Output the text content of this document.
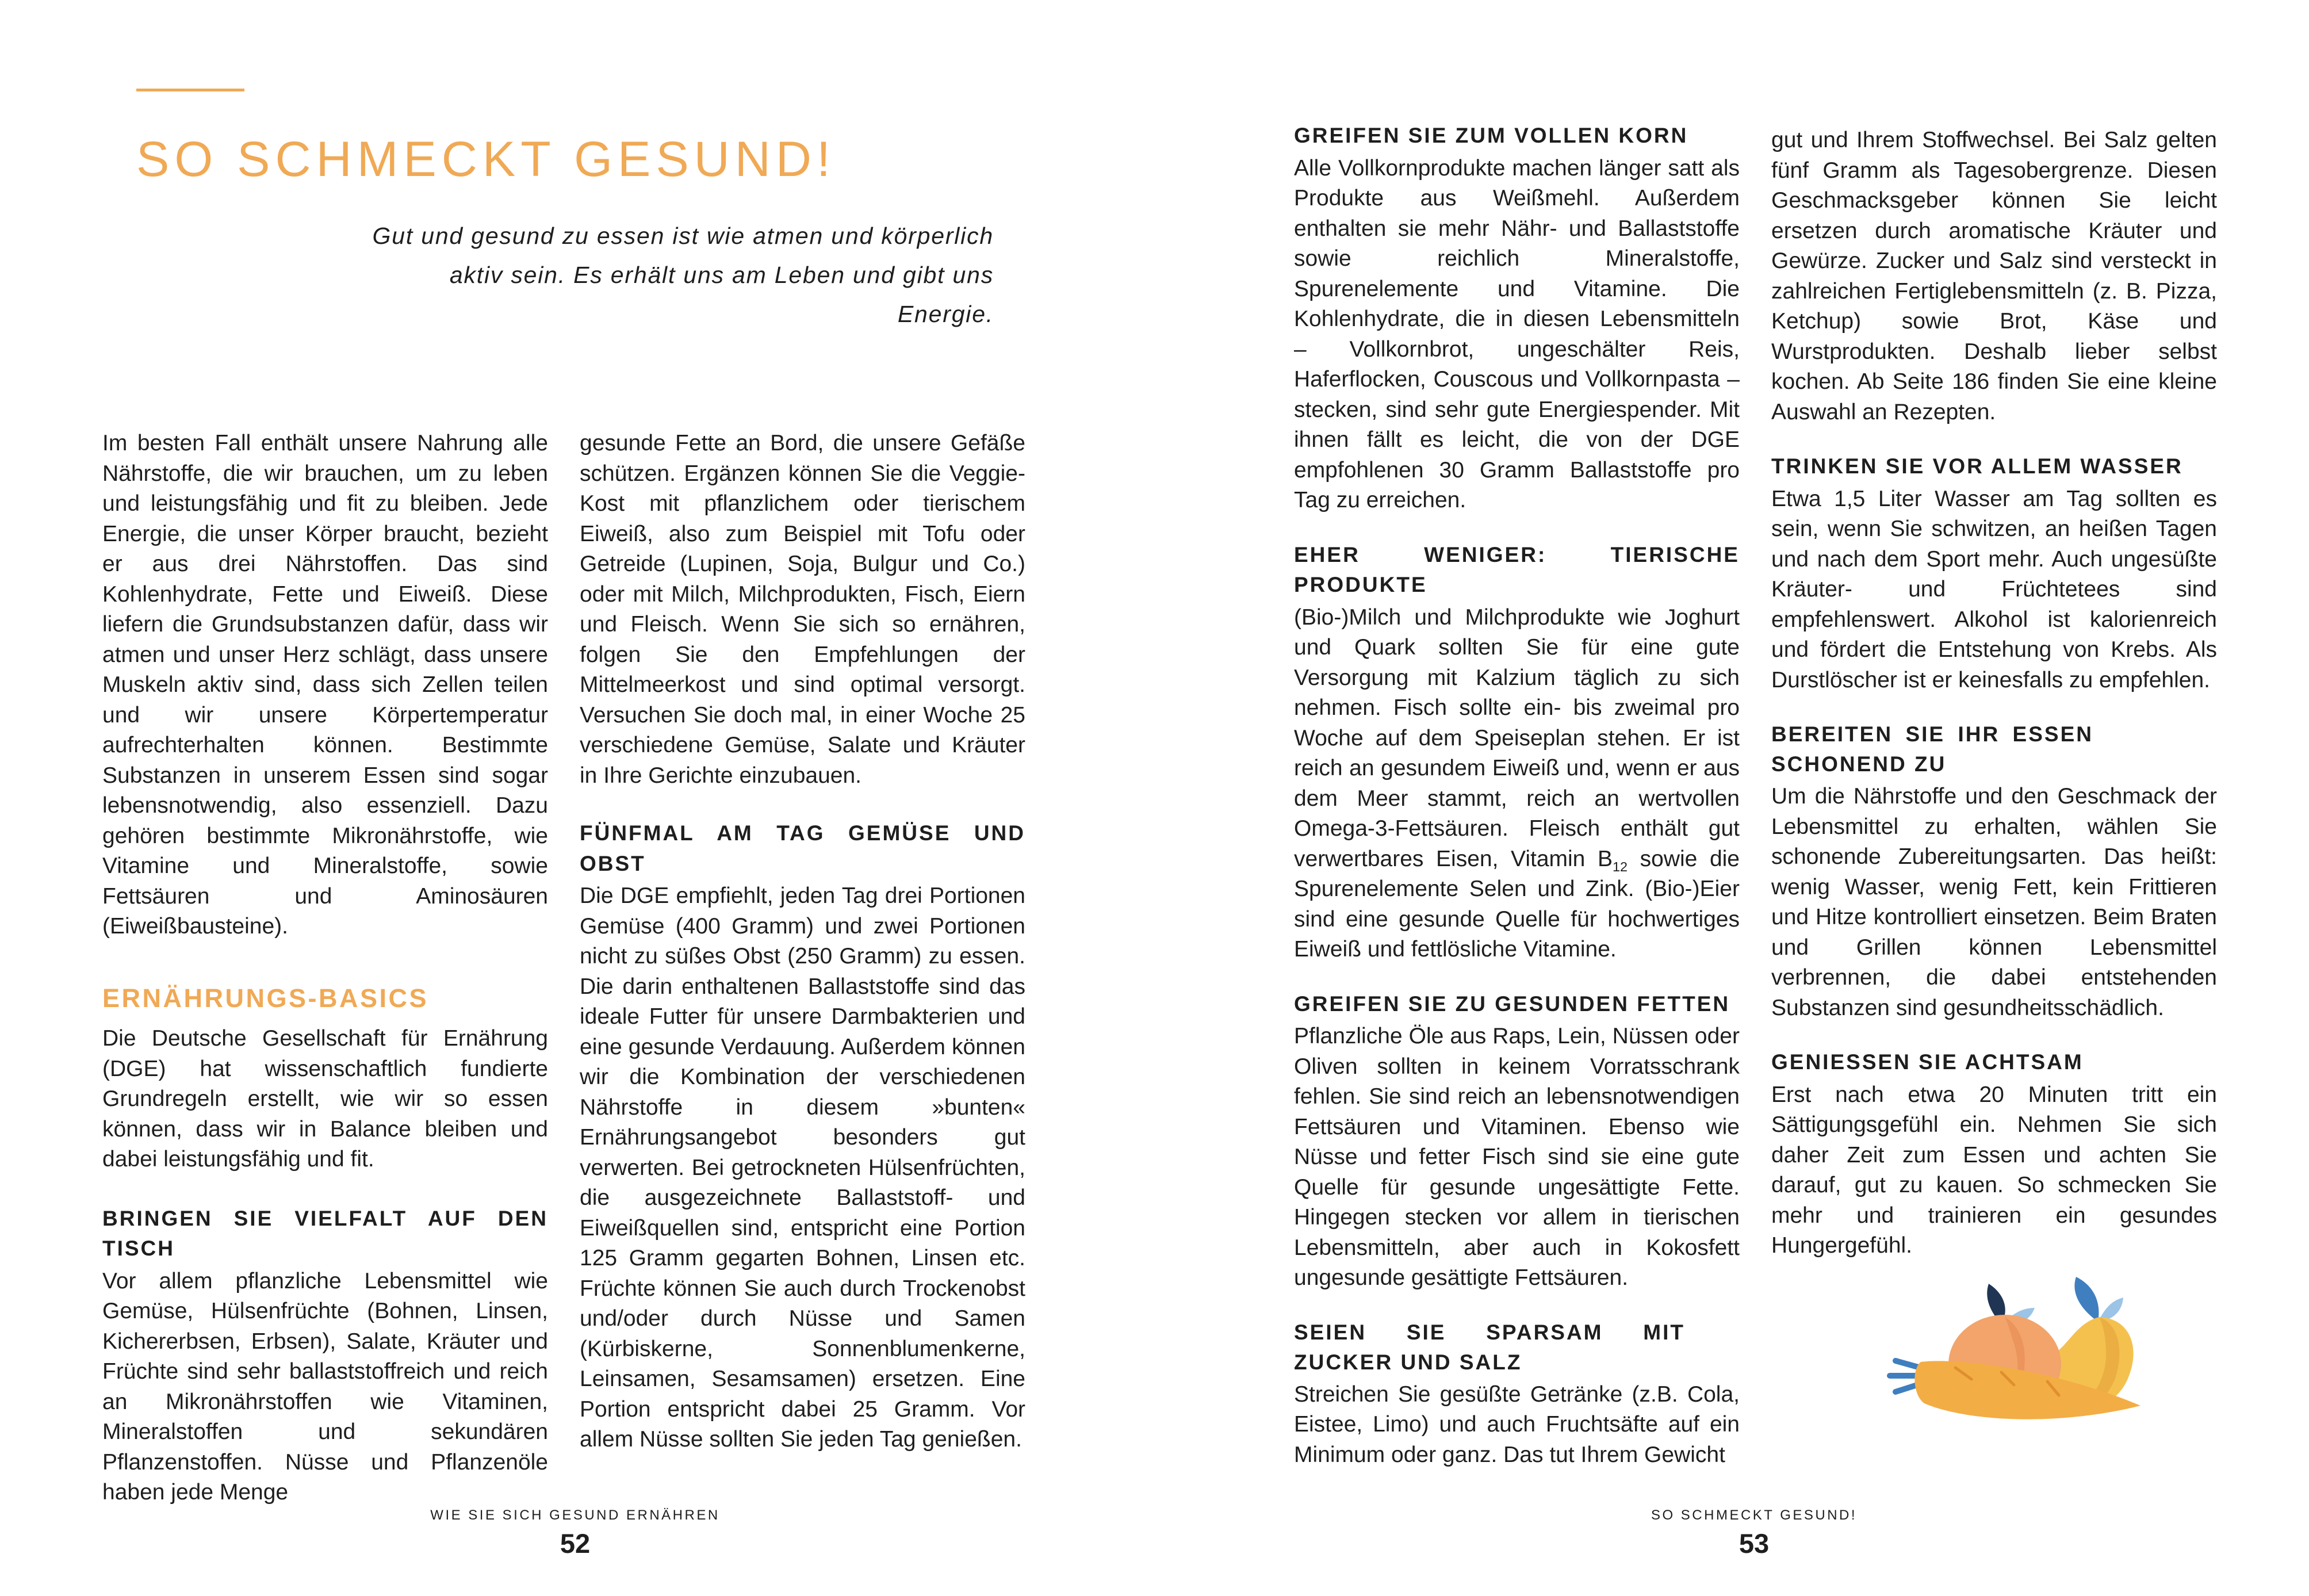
SO SCHMECKT GESUND!

Gut und gesund zu essen ist wie atmen und körperlich aktiv sein. Es erhält uns am Leben und gibt uns Energie.

Im besten Fall enthält unsere Nahrung alle Nährstoffe, die wir brauchen, um zu leben und leistungsfähig und fit zu bleiben. Jede Energie, die unser Körper braucht, bezieht er aus drei Nährstoffen. Das sind Kohlenhydrate, Fette und Eiweiß. Diese liefern die Grundsubstanzen dafür, dass wir atmen und unser Herz schlägt, dass unsere Muskeln aktiv sind, dass sich Zellen teilen und wir unsere Körpertemperatur aufrechterhalten können. Bestimmte Substanzen in unserem Essen sind sogar lebensnotwendig, also essenziell. Dazu gehören bestimmte Mikronährstoffe, wie Vitamine und Mineralstoffe, sowie Fettsäuren und Aminosäuren (Eiweißbausteine).

ERNÄHRUNGS-BASICS

Die Deutsche Gesellschaft für Ernährung (DGE) hat wissenschaftlich fundierte Grundregeln erstellt, wie wir so essen können, dass wir in Balance bleiben und dabei leistungsfähig und fit.

BRINGEN SIE VIELFALT AUF DEN TISCH

Vor allem pflanzliche Lebensmittel wie Gemüse, Hülsenfrüchte (Bohnen, Linsen, Kichererbsen, Erbsen), Salate, Kräuter und Früchte sind sehr ballaststoffreich und reich an Mikronährstoffen wie Vitaminen, Mineralstoffen und sekundären Pflanzenstoffen. Nüsse und Pflanzenöle haben jede Menge

gesunde Fette an Bord, die unsere Gefäße schützen. Ergänzen können Sie die Veggie-Kost mit pflanzlichem oder tierischem Eiweiß, also zum Beispiel mit Tofu oder Getreide (Lupinen, Soja, Bulgur und Co.) oder mit Milch, Milchprodukten, Fisch, Eiern und Fleisch. Wenn Sie sich so ernähren, folgen Sie den Empfehlungen der Mittelmeerkost und sind optimal versorgt. Versuchen Sie doch mal, in einer Woche 25 verschiedene Gemüse, Salate und Kräuter in Ihre Gerichte einzubauen.

FÜNFMAL AM TAG GEMÜSE UND OBST

Die DGE empfiehlt, jeden Tag drei Portionen Gemüse (400 Gramm) und zwei Portionen nicht zu süßes Obst (250 Gramm) zu essen. Die darin enthaltenen Ballaststoffe sind das ideale Futter für unsere Darmbakterien und eine gesunde Verdauung. Außerdem können wir die Kombination der verschiedenen Nährstoffe in diesem »bunten« Ernährungsangebot besonders gut verwerten. Bei getrockneten Hülsenfrüchten, die ausgezeichnete Ballaststoff- und Eiweißquellen sind, entspricht eine Portion 125 Gramm gegarten Bohnen, Linsen etc. Früchte können Sie auch durch Trockenobst und/oder durch Nüsse und Samen (Kürbiskerne, Sonnenblumenkerne, Leinsamen, Sesamsamen) ersetzen. Eine Portion entspricht dabei 25 Gramm. Vor allem Nüsse sollten Sie jeden Tag genießen.

WIE SIE SICH GESUND ERNÄHREN
52
GREIFEN SIE ZUM VOLLEN KORN

Alle Vollkornprodukte machen länger satt als Produkte aus Weißmehl. Außerdem enthalten sie mehr Nähr- und Ballaststoffe sowie reichlich Mineralstoffe, Spurenelemente und Vitamine. Die Kohlenhydrate, die in diesen Lebensmitteln – Vollkornbrot, ungeschälter Reis, Haferflocken, Couscous und Vollkornpasta – stecken, sind sehr gute Energiespender. Mit ihnen fällt es leicht, die von der DGE empfohlenen 30 Gramm Ballaststoffe pro Tag zu erreichen.

EHER WENIGER: TIERISCHE PRODUKTE

(Bio-)Milch und Milchprodukte wie Joghurt und Quark sollten Sie für eine gute Versorgung mit Kalzium täglich zu sich nehmen. Fisch sollte ein- bis zweimal pro Woche auf dem Speiseplan stehen. Er ist reich an gesundem Eiweiß und, wenn er aus dem Meer stammt, reich an wertvollen Omega-3-Fettsäuren. Fleisch enthält gut verwertbares Eisen, Vitamin $B_{12}$ sowie die Spurenelemente Selen und Zink. (Bio-)Eier sind eine gesunde Quelle für hochwertiges Eiweiß und fettlösliche Vitamine.

GREIFEN SIE ZU GESUNDEN FETTEN

Pflanzliche Öle aus Raps, Lein, Nüssen oder Oliven sollten in keinem Vorratsschrank fehlen. Sie sind reich an lebensnotwendigen Fettsäuren und Vitaminen. Ebenso wie Nüsse und fetter Fisch sind sie eine gute Quelle für gesunde ungesättigte Fette. Hingegen stecken vor allem in tierischen Lebensmitteln, aber auch in Kokosfett ungesunde gesättigte Fettsäuren.

SEIEN SIE SPARSAM MIT ZUCKER UND SALZ

Streichen Sie gesüßte Getränke (z.B. Cola, Eistee, Limo) und auch Fruchtsäfte auf ein Minimum oder ganz. Das tut Ihrem Gewicht

gut und Ihrem Stoffwechsel. Bei Salz gelten fünf Gramm als Tagesobergrenze. Diesen Geschmacksgeber können Sie leicht ersetzen durch aromatische Kräuter und Gewürze. Zucker und Salz sind versteckt in zahlreichen Fertiglebensmitteln (z. B. Pizza, Ketchup) sowie Brot, Käse und Wurstprodukten. Deshalb lieber selbst kochen. Ab Seite 186 finden Sie eine kleine Auswahl an Rezepten.

TRINKEN SIE VOR ALLEM WASSER

Etwa 1,5 Liter Wasser am Tag sollten es sein, wenn Sie schwitzen, an heißen Tagen und nach dem Sport mehr. Auch ungesüßte Kräuter- und Früchtetees sind empfehlenswert. Alkohol ist kalorienreich und fördert die Entstehung von Krebs. Als Durstlöscher ist er keinesfalls zu empfehlen.

BEREITEN SIE IHR ESSEN SCHONEND ZU

Um die Nährstoffe und den Geschmack der Lebensmittel zu erhalten, wählen Sie schonende Zubereitungsarten. Das heißt: wenig Wasser, wenig Fett, kein Frittieren und Hitze kontrolliert einsetzen. Beim Braten und Grillen können Lebensmittel verbrennen, die dabei entstehenden Substanzen sind gesundheitsschädlich.

GENIESSEN SIE ACHTSAM

Erst nach etwa 20 Minuten tritt ein Sättigungsgefühl ein. Nehmen Sie sich daher Zeit zum Essen und achten Sie darauf, gut zu kauen. So schmecken Sie mehr und trainieren ein gesundes Hungergefühl.

SO SCHMECKT GESUND!
53
